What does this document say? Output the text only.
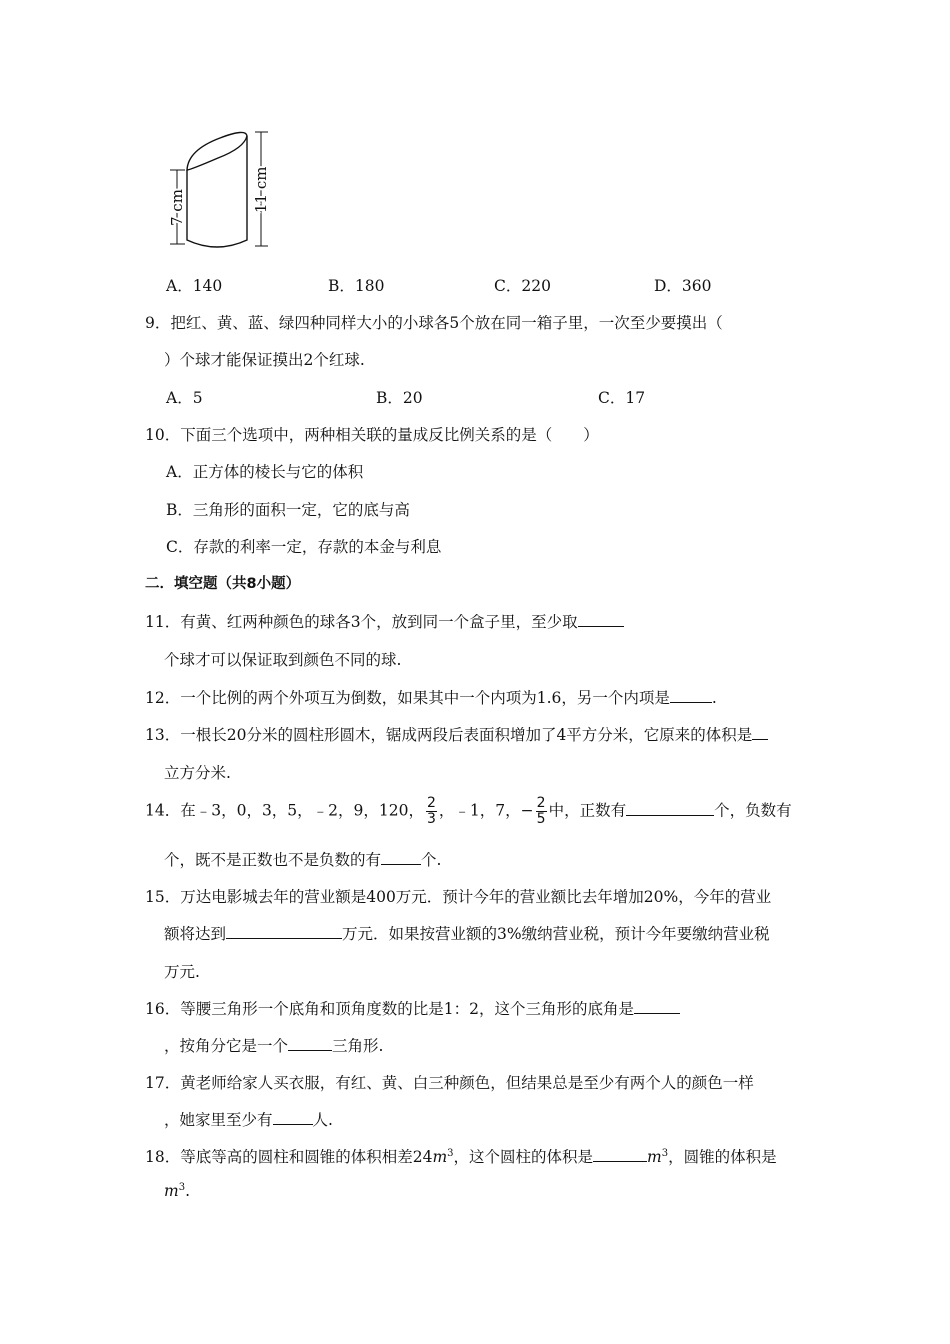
7 cm	11 cm
A．140	B．180	C．220	D．360
9．把红、黄、蓝、绿四种同样大小的小球各5个放在同一箱子里，一次至少要摸出（
）个球才能保证摸出2个红球.
A．5	B．20	C．17
10．下面三个选项中，两种相关联的量成反比例关系的是（　　）
A．正方体的棱长与它的体积
B．三角形的面积一定，它的底与高
C．存款的利率一定，存款的本金与利息
二．填空题（共8小题）
11．有黄、红两种颜色的球各3个，放到同一个盒子里，至少取
个球才可以保证取到颜色不同的球.
12．一个比例的两个外项互为倒数，如果其中一个内项为1.6，另一个内项是	.
13．一根长20分米的圆柱形圆木，锯成两段后表面积增加了4平方分米，它原来的体积是
立方分米.
14．在﹣3，0，3，5，﹣2，9，120， $\frac{2}{3}$ ，﹣1，7，− $\frac{2}{5}$ 中，正数有	个，负数有
个，既不是正数也不是负数的有	个.
15．万达电影城去年的营业额是400万元．预计今年的营业额比去年增加20%，今年的营业
额将达到	万元．如果按营业额的3%缴纳营业税，预计今年要缴纳营业税
万元.
16．等腰三角形一个底角和顶角度数的比是1：2，这个三角形的底角是
，按角分它是一个	三角形.
17．黄老师给家人买衣服，有红、黄、白三种颜色，但结果总是至少有两个人的颜色一样
，她家里至少有	人.
18．等底等高的圆柱和圆锥的体积相差$24m^3$，这个圆柱的体积是	$m^3$，圆锥的体积是
$m^3$.
